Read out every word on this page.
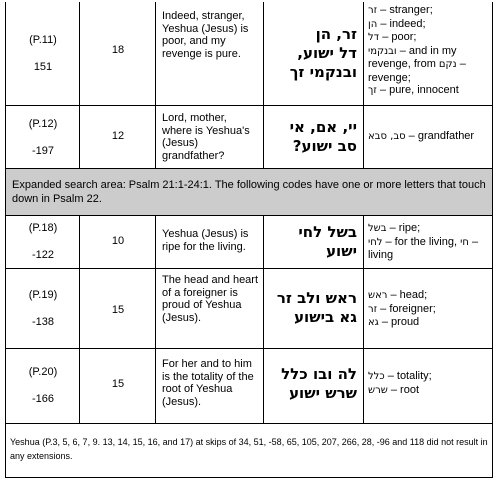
(P.11)
151
18
Indeed, stranger, Yeshua (Jesus) is poor, and my revenge is pure.
זר, הן
דל ישוע,
ובנקמי זך
זר – stranger;
הן – indeed;
דל – poor;
ובנקמי – and in my
revenge, from נקם –
revenge;
זך – pure, innocent
(P.12)
-197
12
Lord, mother, where is Yeshua's (Jesus) grandfather?
יי, אם, אי
סב ישוע?
סב, סבא – grandfather
Expanded search area: Psalm 21:1-24:1. The following codes have one or more letters that touch down in Psalm 22.
(P.18)
-122
10
Yeshua (Jesus) is ripe for the living.
בשל לחי
ישוע
בשל – ripe;
לחי – for the living, חי –
living
(P.19)
-138
15
The head and heart of a foreigner is proud of Yeshua (Jesus).
ראש ולב זר
גא בישוע
ראש – head;
זר – foreigner;
גא – proud
(P.20)
-166
15
For her and to him is the totality of the root of Yeshua (Jesus).
לה ובו כלל
שרש ישוע
כלל – totality;
שרש – root
Yeshua (P.3, 5, 6, 7, 9. 13, 14, 15, 16, and 17) at skips of 34, 51, -58, 65, 105, 207, 266, 28, -96 and 118 did not result in any extensions.
